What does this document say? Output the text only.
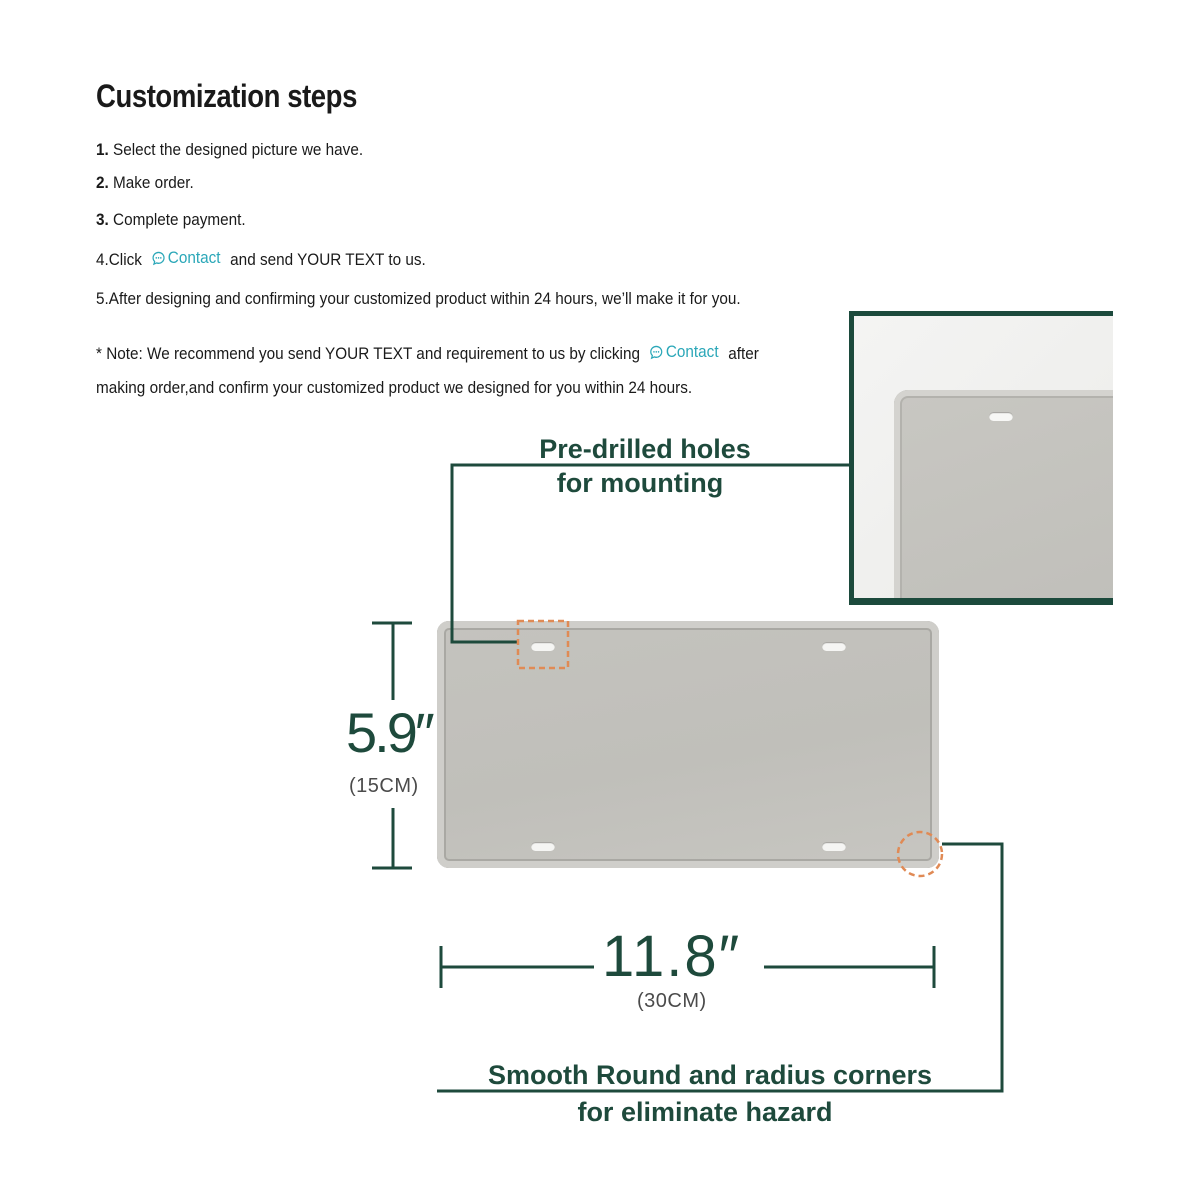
Customization steps
1. Select the designed picture we have.
2. Make order.
3. Complete payment.
4.Click Contact and send YOUR TEXT to us.
5.After designing and confirming your customized product within 24 hours, we’ll make it for you.
* Note: We recommend you send YOUR TEXT and requirement to us by clicking Contact after
making order,and confirm your customized product we designed for you within 24 hours.

Pre-drilled holes

for mounting

5.9″

(15CM)

11.8″

(30CM)

Smooth Round and radius corners

for eliminate hazard
